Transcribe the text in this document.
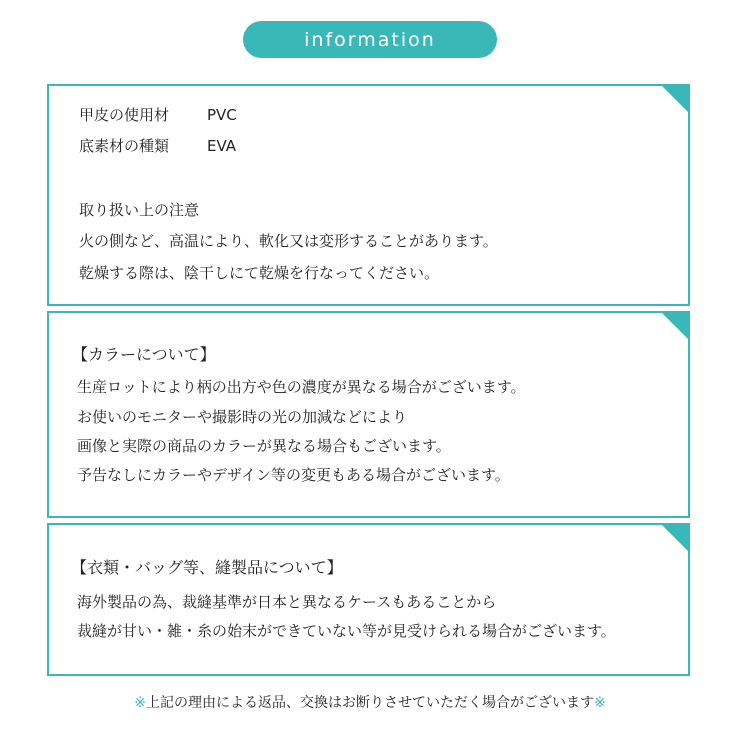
information
甲皮の使用材	PVC
底素材の種類	EVA
取り扱い上の注意
火の側など、高温により、軟化又は変形することがあります。
乾燥する際は、陰干しにて乾燥を行なってください。
【カラーについて】
生産ロットにより柄の出方や色の濃度が異なる場合がございます。
お使いのモニターや撮影時の光の加減などにより
画像と実際の商品のカラーが異なる場合もございます。
予告なしにカラーやデザイン等の変更もある場合がございます。
【衣類・バッグ等、縫製品について】
海外製品の為、裁縫基準が日本と異なるケースもあることから
裁縫が甘い・雑・糸の始末ができていない等が見受けられる場合がございます。
※上記の理由による返品、交換はお断りさせていただく場合がございます※
